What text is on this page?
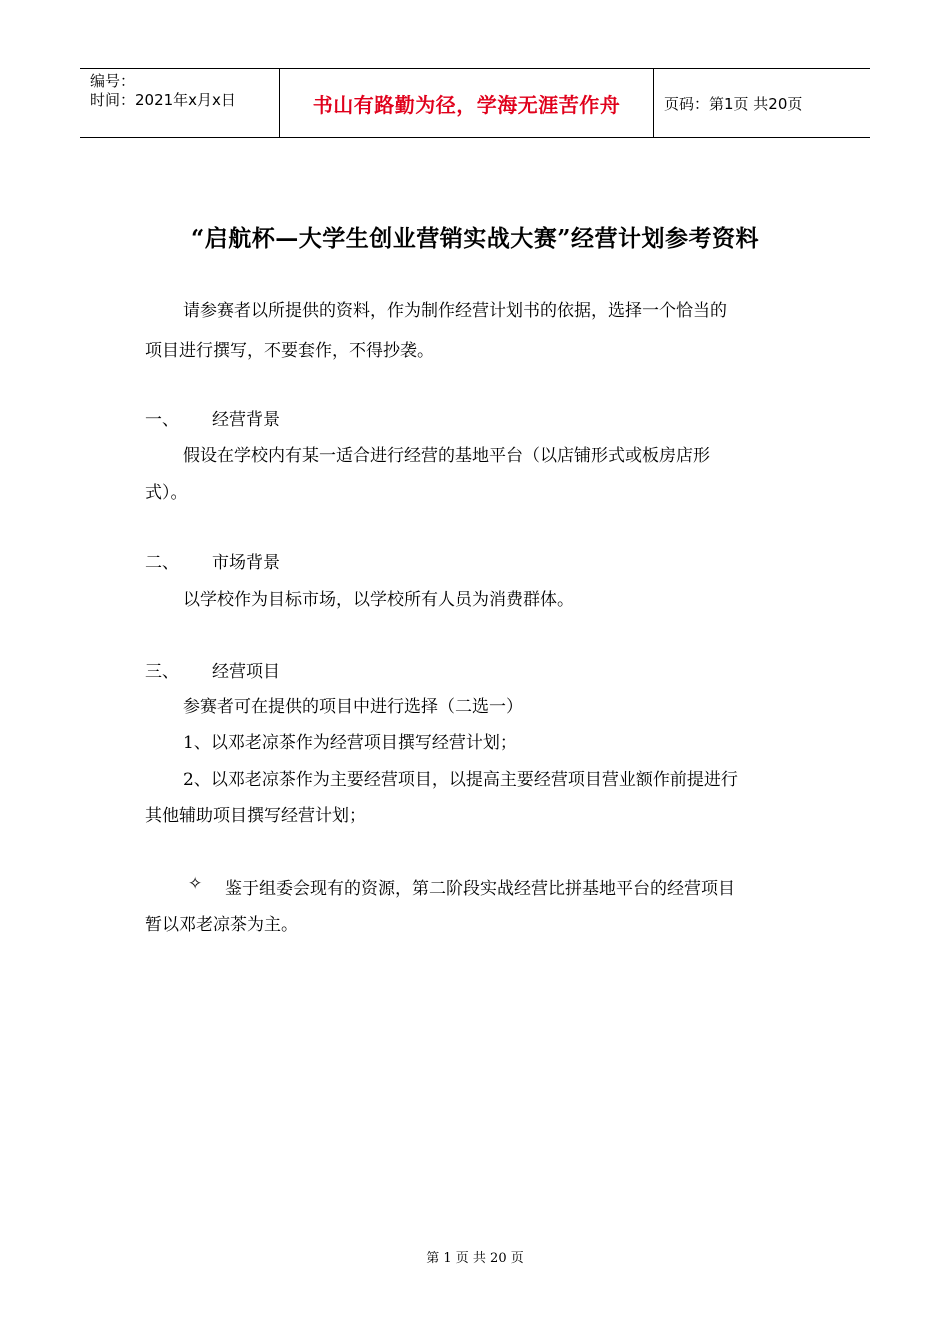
编号：
时间：2021年x月x日	书山有路勤为径，学海无涯苦作舟	页码：第1页 共20页
“启航杯—大学生创业营销实战大赛”经营计划参考资料
请参赛者以所提供的资料，作为制作经营计划书的依据，选择一个恰当的
项目进行撰写，不要套作，不得抄袭。
一、 经营背景
假设在学校内有某一适合进行经营的基地平台（以店铺形式或板房店形
式）。
二、 市场背景
以学校作为目标市场，以学校所有人员为消费群体。
三、 经营项目
参赛者可在提供的项目中进行选择（二选一）
1、以邓老凉茶作为经营项目撰写经营计划；
2、以邓老凉茶作为主要经营项目，以提高主要经营项目营业额作前提进行
其他辅助项目撰写经营计划；
✧ 鉴于组委会现有的资源，第二阶段实战经营比拼基地平台的经营项目
暂以邓老凉茶为主。
第 1 页 共 20 页
